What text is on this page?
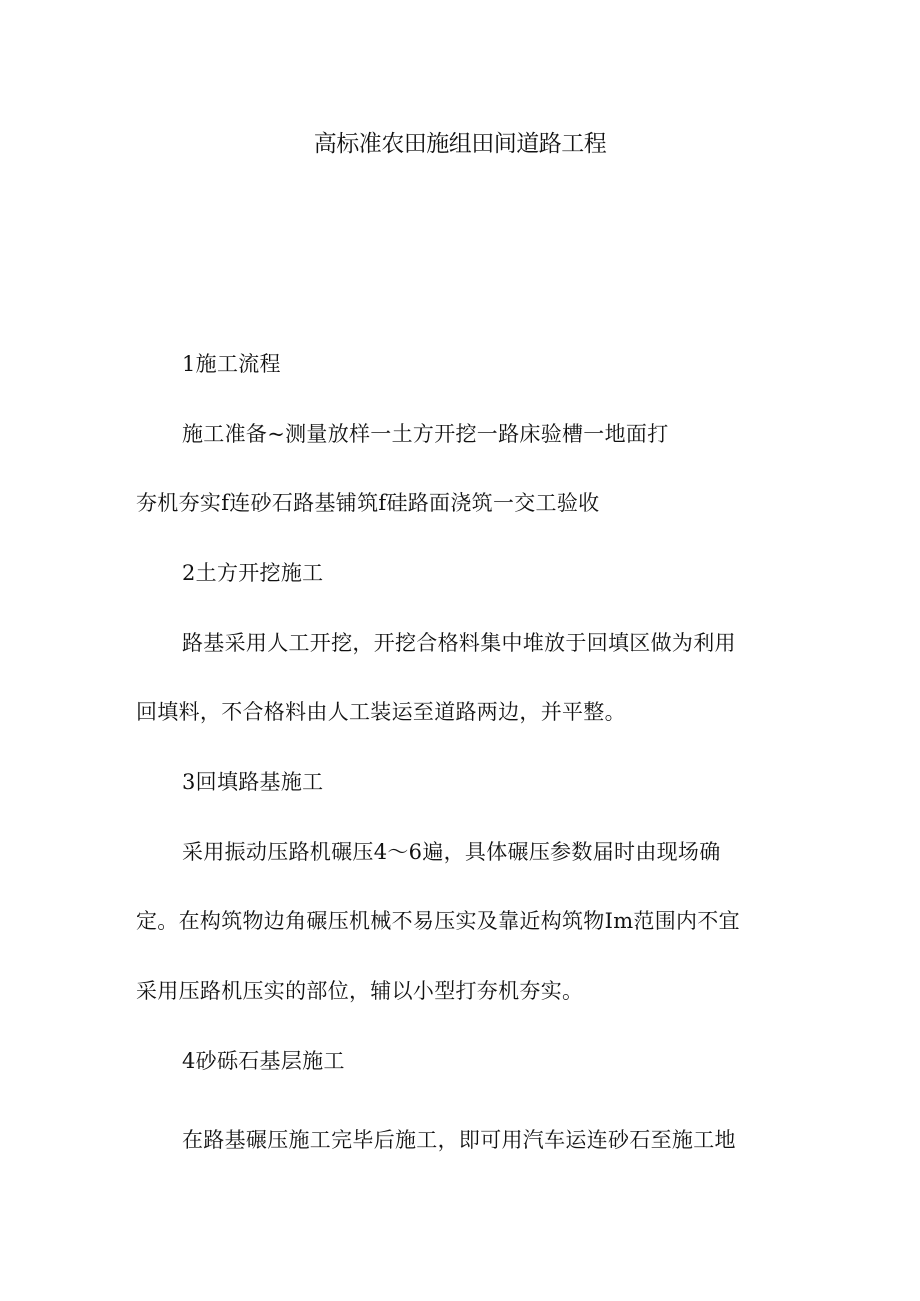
高标准农田施组田间道路工程
1施工流程
施工准备~测量放样一土方开挖一路床验槽一地面打
夯机夯实f连砂石路基铺筑f硅路面浇筑一交工验收
2土方开挖施工
路基采用人工开挖，开挖合格料集中堆放于回填区做为利用
回填料，不合格料由人工装运至道路两边，并平整。
3回填路基施工
采用振动压路机碾压4～6遍，具体碾压参数届时由现场确
定。在构筑物边角碾压机械不易压实及靠近构筑物Im范围内不宜
采用压路机压实的部位，辅以小型打夯机夯实。
4砂砾石基层施工
在路基碾压施工完毕后施工，即可用汽车运连砂石至施工地
